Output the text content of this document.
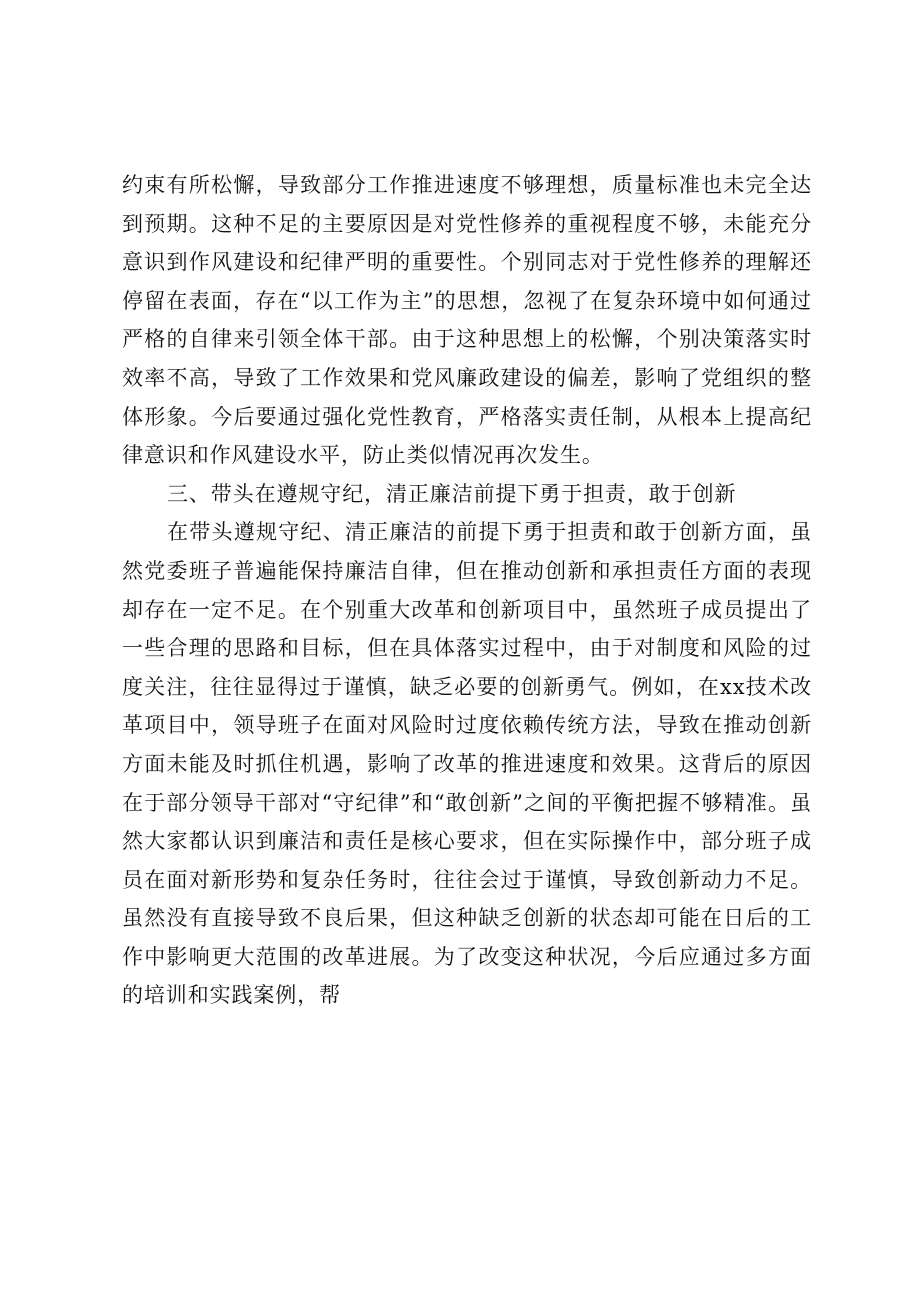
约束有所松懈，导致部分工作推进速度不够理想，质量标准也未完全达到预期。这种不足的主要原因是对党性修养的重视程度不够，未能充分意识到作风建设和纪律严明的重要性。个别同志对于党性修养的理解还停留在表面，存在“以工作为主”的思想，忽视了在复杂环境中如何通过严格的自律来引领全体干部。由于这种思想上的松懈，个别决策落实时效率不高，导致了工作效果和党风廉政建设的偏差，影响了党组织的整体形象。今后要通过强化党性教育，严格落实责任制，从根本上提高纪律意识和作风建设水平，防止类似情况再次发生。

三、带头在遵规守纪，清正廉洁前提下勇于担责，敢于创新

在带头遵规守纪、清正廉洁的前提下勇于担责和敢于创新方面，虽然党委班子普遍能保持廉洁自律，但在推动创新和承担责任方面的表现却存在一定不足。在个别重大改革和创新项目中，虽然班子成员提出了一些合理的思路和目标，但在具体落实过程中，由于对制度和风险的过度关注，往往显得过于谨慎，缺乏必要的创新勇气。例如，在xx技术改革项目中，领导班子在面对风险时过度依赖传统方法，导致在推动创新方面未能及时抓住机遇，影响了改革的推进速度和效果。这背后的原因在于部分领导干部对“守纪律”和“敢创新”之间的平衡把握不够精准。虽然大家都认识到廉洁和责任是核心要求，但在实际操作中，部分班子成员在面对新形势和复杂任务时，往往会过于谨慎，导致创新动力不足。虽然没有直接导致不良后果，但这种缺乏创新的状态却可能在日后的工作中影响更大范围的改革进展。为了改变这种状况，今后应通过多方面的培训和实践案例，帮
